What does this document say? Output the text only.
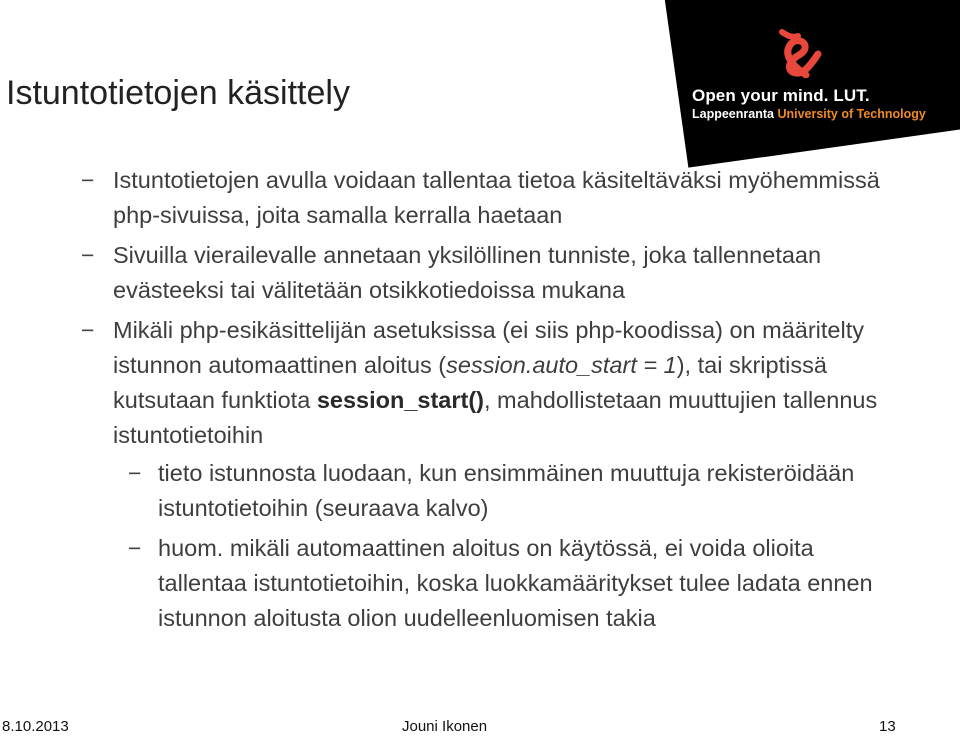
Open your mind. LUT.
Lappeenranta University of Technology
Istuntotietojen käsittely
− Istuntotietojen avulla voidaan tallentaa tietoa käsiteltäväksi myöhemmissä php-sivuissa, joita samalla kerralla haetaan
− Sivuilla vierailevalle annetaan yksilöllinen tunniste, joka tallennetaan evästeeksi tai välitetään otsikkotiedoissa mukana
− Mikäli php-esikäsittelijän asetuksissa (ei siis php-koodissa) on määritelty istunnon automaattinen aloitus (session.auto_start = 1), tai skriptissä kutsutaan funktiota session_start(), mahdollistetaan muuttujien tallennus istuntotietoihin
− tieto istunnosta luodaan, kun ensimmäinen muuttuja rekisteröidään istuntotietoihin (seuraava kalvo)
− huom. mikäli automaattinen aloitus on käytössä, ei voida olioita tallentaa istuntotietoihin, koska luokkamääritykset tulee ladata ennen istunnon aloitusta olion uudelleenluomisen takia
8.10.2013	Jouni Ikonen	13
